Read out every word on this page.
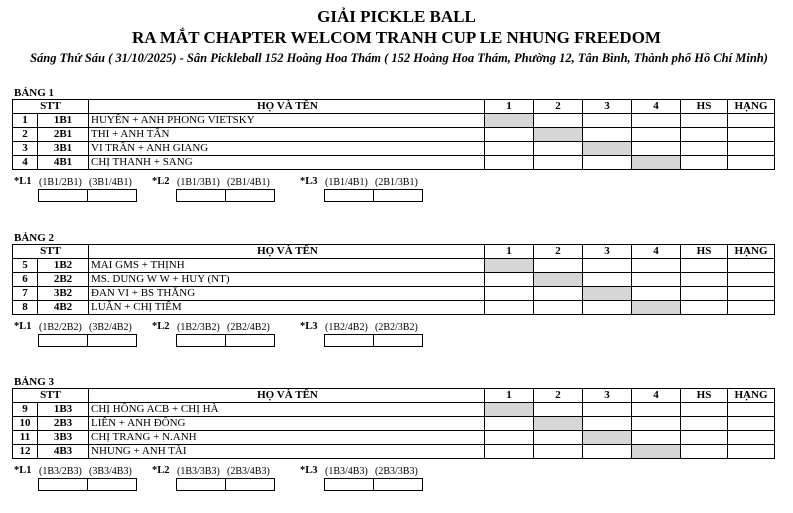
GIẢI PICKLE BALL
RA MẮT CHAPTER WELCOM TRANH CUP LE NHUNG FREEDOM
Sáng Thứ Sáu ( 31/10/2025) - Sân Pickleball 152 Hoàng Hoa Thám ( 152 Hoàng Hoa Thám, Phường 12, Tân Bình, Thành phố Hồ Chí Minh)
BẢNG 1
STT		HỌ VÀ TÊN	1	2	3	4	HS	HẠNG
1	1B1	HUYỀN + ANH PHONG VIETSKY						
2	2B1	THI + ANH TẤN						
3	3B1	VI TRẦN + ANH GIANG						
4	4B1	CHỊ THANH + SANG						
*L1 (1B1/2B1) (3B1/4B1) *L2 (1B1/3B1) (2B1/4B1)	*L3 (1B1/4B1) (2B1/3B1)
BẢNG 2
STT		HỌ VÀ TÊN	1	2	3	4	HS	HẠNG
5	1B2	MAI GMS + THỊNH						
6	2B2	MS. DUNG W W + HUY (NT)						
7	3B2	ĐAN VI + BS THẮNG						
8	4B2	LUÂN + CHỊ TIÊM						
*L1 (1B2/2B2) (3B2/4B2) *L2 (1B2/3B2) (2B2/4B2)	*L3 (1B2/4B2) (2B2/3B2)
BẢNG 3
STT		HỌ VÀ TÊN	1	2	3	4	HS	HẠNG
9	1B3	CHỊ HỒNG ACB + CHỊ HÀ						
10	2B3	LIÊN + ANH ĐÔNG						
11	3B3	CHỊ TRANG + N.ANH						
12	4B3	NHUNG + ANH TÀI						
*L1 (1B3/2B3) (3B3/4B3) *L2 (1B3/3B3) (2B3/4B3)	*L3 (1B3/4B3) (2B3/3B3)
